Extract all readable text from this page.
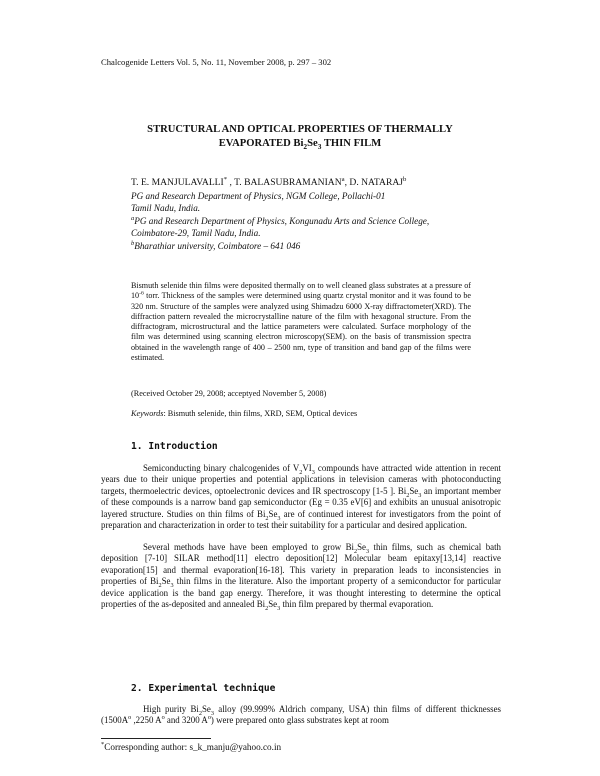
Chalcogenide Letters Vol. 5, No. 11, November 2008, p. 297 – 302
STRUCTURAL AND OPTICAL PROPERTIES OF THERMALLY
EVAPORATED $Bi_2Se_3$ THIN FILM
T. E. MANJULAVALLI* , T. BALASUBRAMANIAN$^a$, D. NATARAJ$^b$
PG and Research Department of Physics, NGM College, Pollachi-01
Tamil Nadu, India.
$^a$PG and Research Department of Physics, Kongunadu Arts and Science College,
Coimbatore-29, Tamil Nadu, India.
$^b$Bharathiar university, Coimbatore – 641 046
Bismuth selenide thin films were deposited thermally on to well cleaned glass substrates at a pressure of $10^{-6}$ torr. Thickness of the samples were determined using quartz crystal monitor and it was found to be 320 nm. Structure of the samples were analyzed using Shimadzu 6000 X-ray diffractometer(XRD). The diffraction pattern revealed the microcrystalline nature of the film with hexagonal structure. From the diffractogram, microstructural and the lattice parameters were calculated. Surface morphology of the film was determined using scanning electron microscopy(SEM). on the basis of transmission spectra obtained in the wavelength range of 400 – 2500 nm, type of transition and band gap of the films were estimated.
(Received October 29, 2008; acceptyed November 5, 2008)
Keywords: Bismuth selenide, thin films, XRD, SEM, Optical devices
1. Introduction
Semiconducting binary chalcogenides of $V_2VI_3$ compounds have attracted wide attention in recent years due to their unique properties and potential applications in television cameras with photoconducting targets, thermoelectric devices, optoelectronic devices and IR spectroscopy [1-5 ]. $Bi_2Se_3$ an important member of these compounds is a narrow band gap semiconductor (Eg = 0.35 eV[6] and exhibits an unusual anisotropic layered structure. Studies on thin films of $Bi_2Se_3$ are of continued interest for investigators from the point of preparation and characterization in order to test their suitability for a particular and desired application.
Several methods have have been employed to grow $Bi_2Se_3$ thin films, such as chemical bath deposition [7-10] SILAR method[11] electro deposition[12] Molecular beam epitaxy[13,14] reactive evaporation[15] and thermal evaporation[16-18]. This variety in preparation leads to inconsistencies in properties of $Bi_2Se_3$ thin films in the literature. Also the important property of a semiconductor for particular device application is the band gap energy. Therefore, it was thought interesting to determine the optical properties of the as-deposited and annealed $Bi_2Se_3$ thin film prepared by thermal evaporation.
2. Experimental technique
High purity $Bi_2Se_3$ alloy (99.999% Aldrich company, USA) thin films of different thicknesses ($1500A^o$ ,2250 $A^o$ and 3200 $A^o$) were prepared onto glass substrates kept at room
*Corresponding author: s_k_manju@yahoo.co.in
